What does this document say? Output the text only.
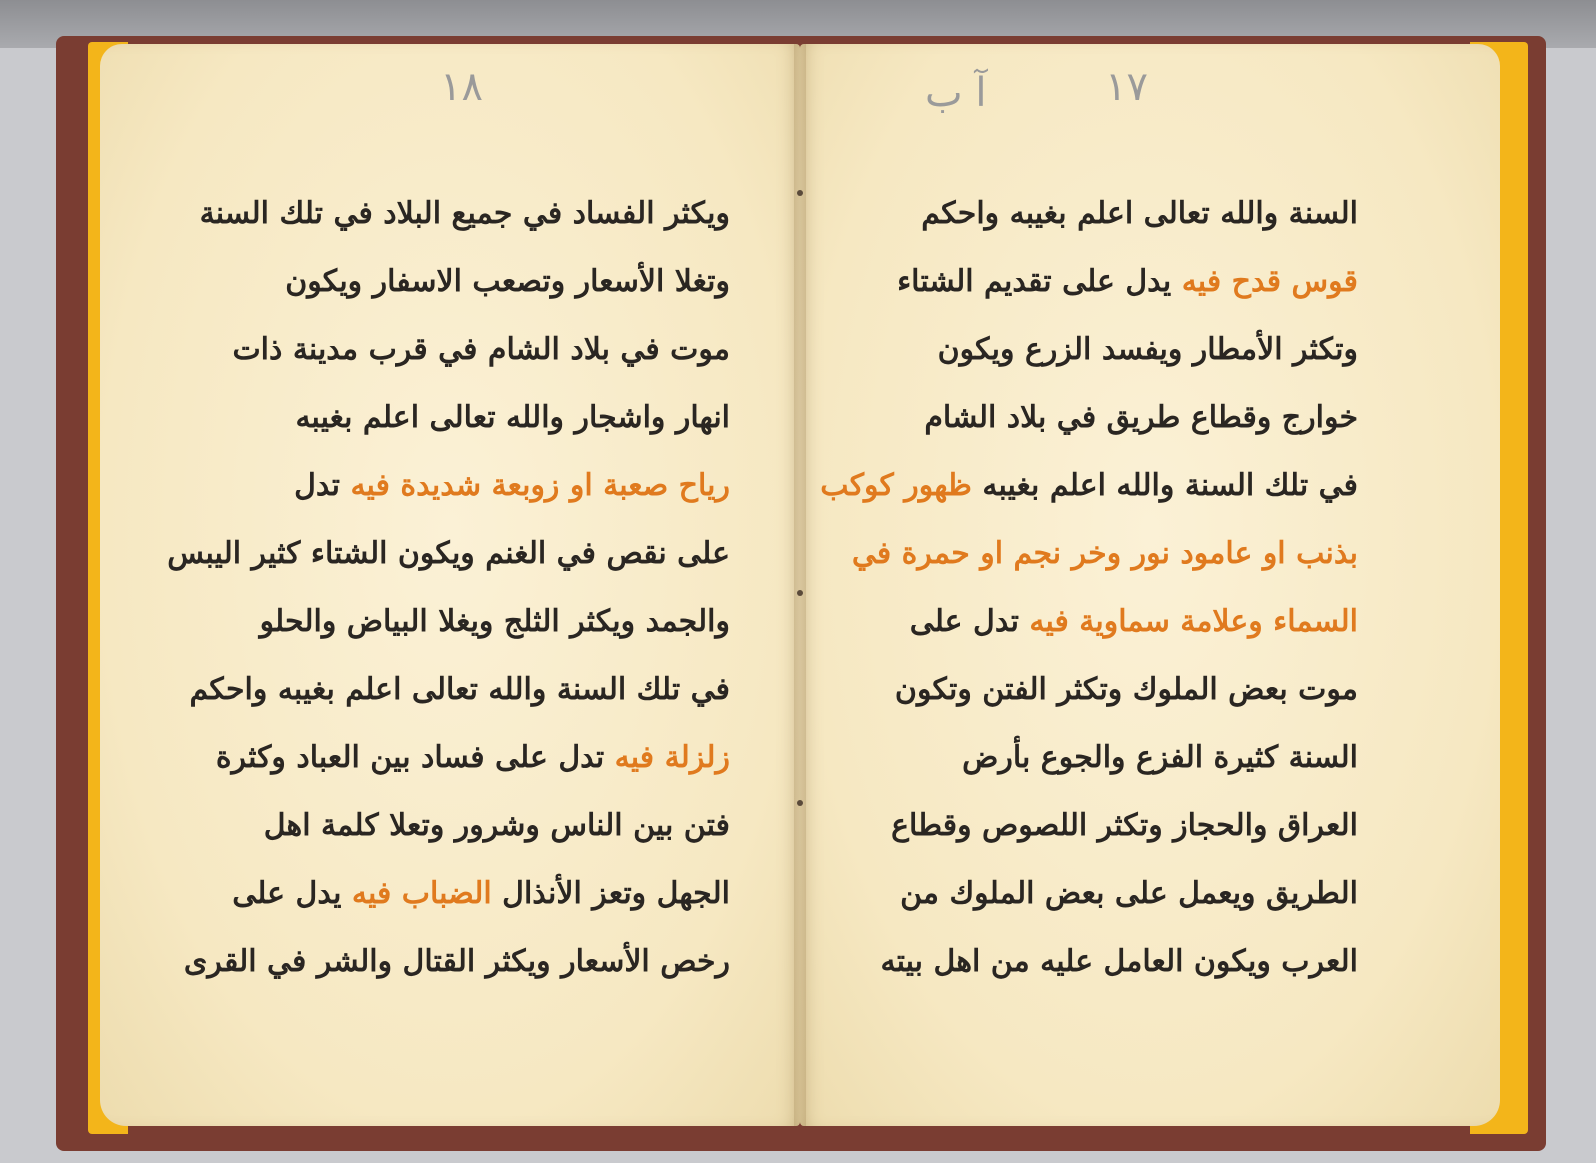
١٨	١٧
آ ب
ويكثر الفساد في جميع البلاد في تلك السنة
وتغلا الأسعار وتصعب الاسفار ويكون
موت في بلاد الشام في قرب مدينة ذات
انهار واشجار والله تعالى اعلم بغيبه
رياح صعبة او زوبعة شديدة فيه تدل
على نقص في الغنم ويكون الشتاء كثير اليبس
والجمد ويكثر الثلج ويغلا البياض والحلو
في تلك السنة والله تعالى اعلم بغيبه واحكم
زلزلة فيه تدل على فساد بين العباد وكثرة
فتن بين الناس وشرور وتعلا كلمة اهل
الجهل وتعز الأنذال الضباب فيه يدل على
رخص الأسعار ويكثر القتال والشر في القرى
السنة والله تعالى اعلم بغيبه واحكم
قوس قدح فيه يدل على تقديم الشتاء
وتكثر الأمطار ويفسد الزرع ويكون
خوارج وقطاع طريق في بلاد الشام
في تلك السنة والله اعلم بغيبه ظهور كوكب
بذنب او عامود نور وخر نجم او حمرة في
السماء وعلامة سماوية فيه تدل على
موت بعض الملوك وتكثر الفتن وتكون
السنة كثيرة الفزع والجوع بأرض
العراق والحجاز وتكثر اللصوص وقطاع
الطريق ويعمل على بعض الملوك من
العرب ويكون العامل عليه من اهل بيته
